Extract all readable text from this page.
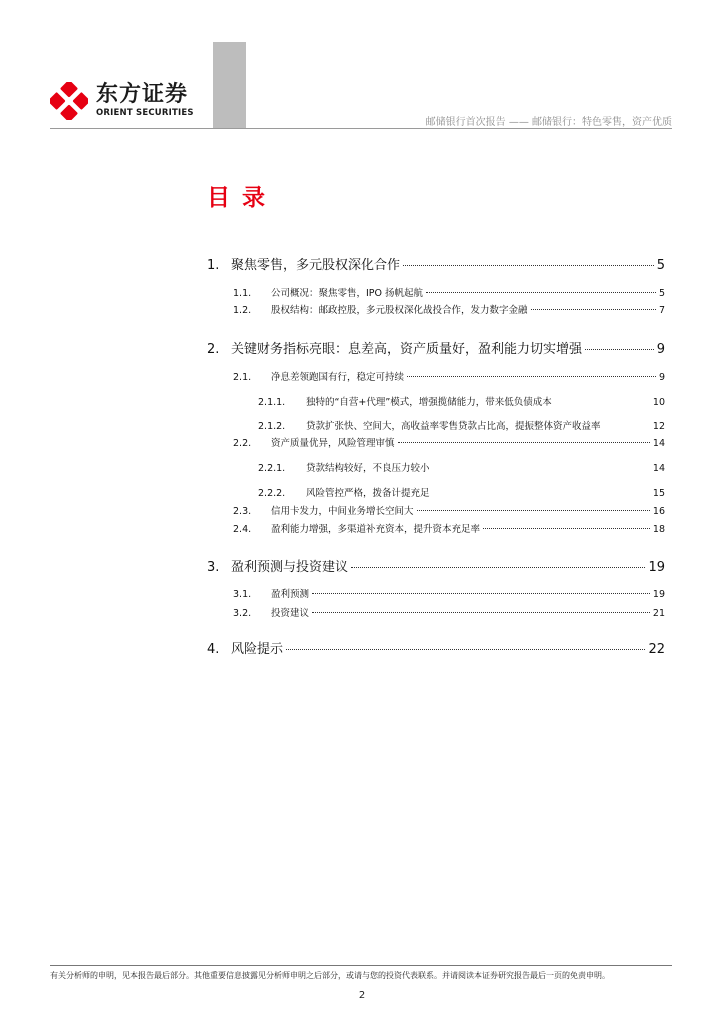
东方证券
ORIENT SECURITIES
邮储银行首次报告 —— 邮储银行：特色零售，资产优质
目录
1. 聚焦零售，多元股权深化合作	5
1.1.	公司概况：聚焦零售，IPO 扬帆起航	5
1.2.	股权结构：邮政控股，多元股权深化战投合作，发力数字金融	7
2. 关键财务指标亮眼：息差高，资产质量好，盈利能力切实增强	9
2.1.	净息差领跑国有行，稳定可持续	9
2.1.1.	独特的“自营+代理”模式，增强揽储能力，带来低负债成本	10
2.1.2.	贷款扩张快、空间大，高收益率零售贷款占比高，提振整体资产收益率	12
2.2.	资产质量优异，风险管理审慎	14
2.2.1.	贷款结构较好，不良压力较小	14
2.2.2.	风险管控严格，拨备计提充足	15
2.3.	信用卡发力，中间业务增长空间大	16
2.4.	盈利能力增强，多渠道补充资本，提升资本充足率	18
3. 盈利预测与投资建议	19
3.1.	盈利预测	19
3.2.	投资建议	21
4. 风险提示	22
有关分析师的申明，见本报告最后部分。其他重要信息披露见分析师申明之后部分，或请与您的投资代表联系。并请阅读本证券研究报告最后一页的免责申明。
2
